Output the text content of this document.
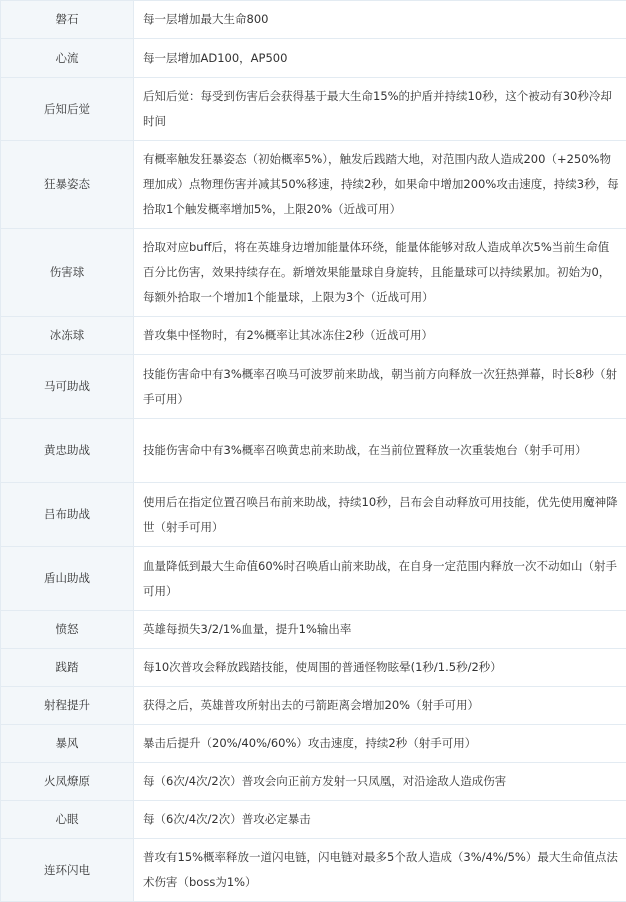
磐石	每一层增加最大生命800
心流	每一层增加AD100，AP500
后知后觉	后知后觉：每受到伤害后会获得基于最大生命15%的护盾并持续10秒，这个被动有30秒冷却时间
狂暴姿态	有概率触发狂暴姿态（初始概率5%），触发后践踏大地，对范围内敌人造成200（+250%物理加成）点物理伤害并减其50%移速，持续2秒，如果命中增加200%攻击速度，持续3秒，每拾取1个触发概率增加5%，上限20%（近战可用）
伤害球	拾取对应buff后，将在英雄身边增加能量体环绕，能量体能够对敌人造成单次5%当前生命值百分比伤害，效果持续存在。新增效果能量球自身旋转，且能量球可以持续累加。初始为0，每额外拾取一个增加1个能量球，上限为3个（近战可用）
冰冻球	普攻集中怪物时，有2%概率让其冰冻住2秒（近战可用）
马可助战	技能伤害命中有3%概率召唤马可波罗前来助战，朝当前方向释放一次狂热弹幕，时长8秒（射手可用）
黄忠助战	技能伤害命中有3%概率召唤黄忠前来助战，在当前位置释放一次重装炮台（射手可用）
吕布助战	使用后在指定位置召唤吕布前来助战，持续10秒，吕布会自动释放可用技能，优先使用魔神降世（射手可用）
盾山助战	血量降低到最大生命值60%时召唤盾山前来助战，在自身一定范围内释放一次不动如山（射手可用）
愤怒	英雄每损失3/2/1%血量，提升1%输出率
践踏	每10次普攻会释放践踏技能，使周围的普通怪物眩晕(1秒/1.5秒/2秒）
射程提升	获得之后，英雄普攻所射出去的弓箭距离会增加20%（射手可用）
暴风	暴击后提升（20%/40%/60%）攻击速度，持续2秒（射手可用）
火凤燎原	每（6次/4次/2次）普攻会向正前方发射一只凤凰，对沿途敌人造成伤害
心眼	每（6次/4次/2次）普攻必定暴击
连环闪电	普攻有15%概率释放一道闪电链，闪电链对最多5个敌人造成（3%/4%/5%）最大生命值点法术伤害（boss为1%）
